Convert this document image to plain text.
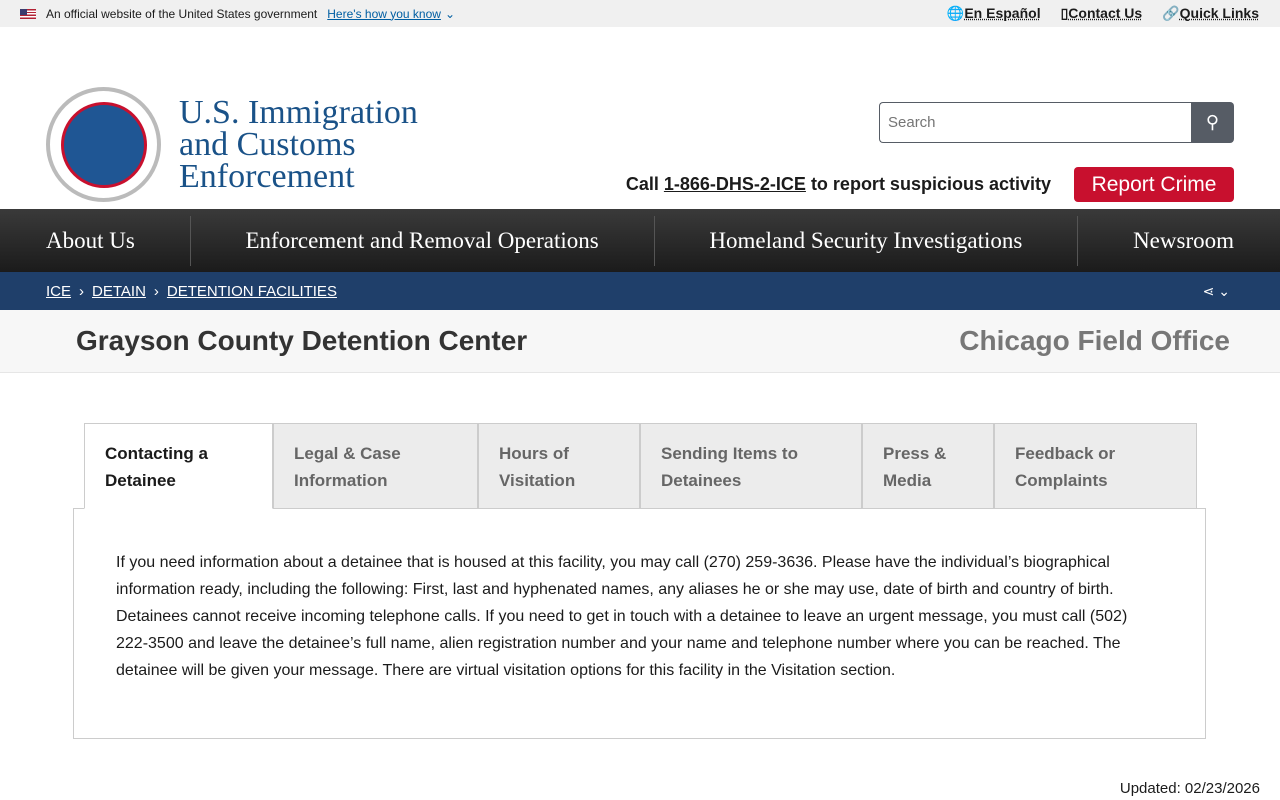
An official website of the United States government Here's how you know ⌄	🌐En Español ▯Contact Us 🔗Quick Links
U.S. Immigration
and Customs
Enforcement
Search
⚲
Call 1-866-DHS-2-ICE to report suspicious activity	Report Crime
About Us	Enforcement and Removal Operations	Homeland Security Investigations	Newsroom
ICE › DETAIN › DETENTION FACILITIES	⋖ ⌄
Grayson County Detention Center	Chicago Field Office
Contacting a
Detainee
Legal & Case
Information
Hours of
Visitation
Sending Items to
Detainees
Press &
Media
Feedback or
Complaints

If you need information about a detainee that is housed at this facility, you may call (270) 259-3636. Please have the individual’s biographical information ready, including the following: First, last and hyphenated names, any aliases he or she may use, date of birth and country of birth. Detainees cannot receive incoming telephone calls. If you need to get in touch with a detainee to leave an urgent message, you must call (502) 222-3500 and leave the detainee’s full name, alien registration number and your name and telephone number where you can be reached. The detainee will be given your message. There are virtual visitation options for this facility in the Visitation section.

Updated: 02/23/2026
